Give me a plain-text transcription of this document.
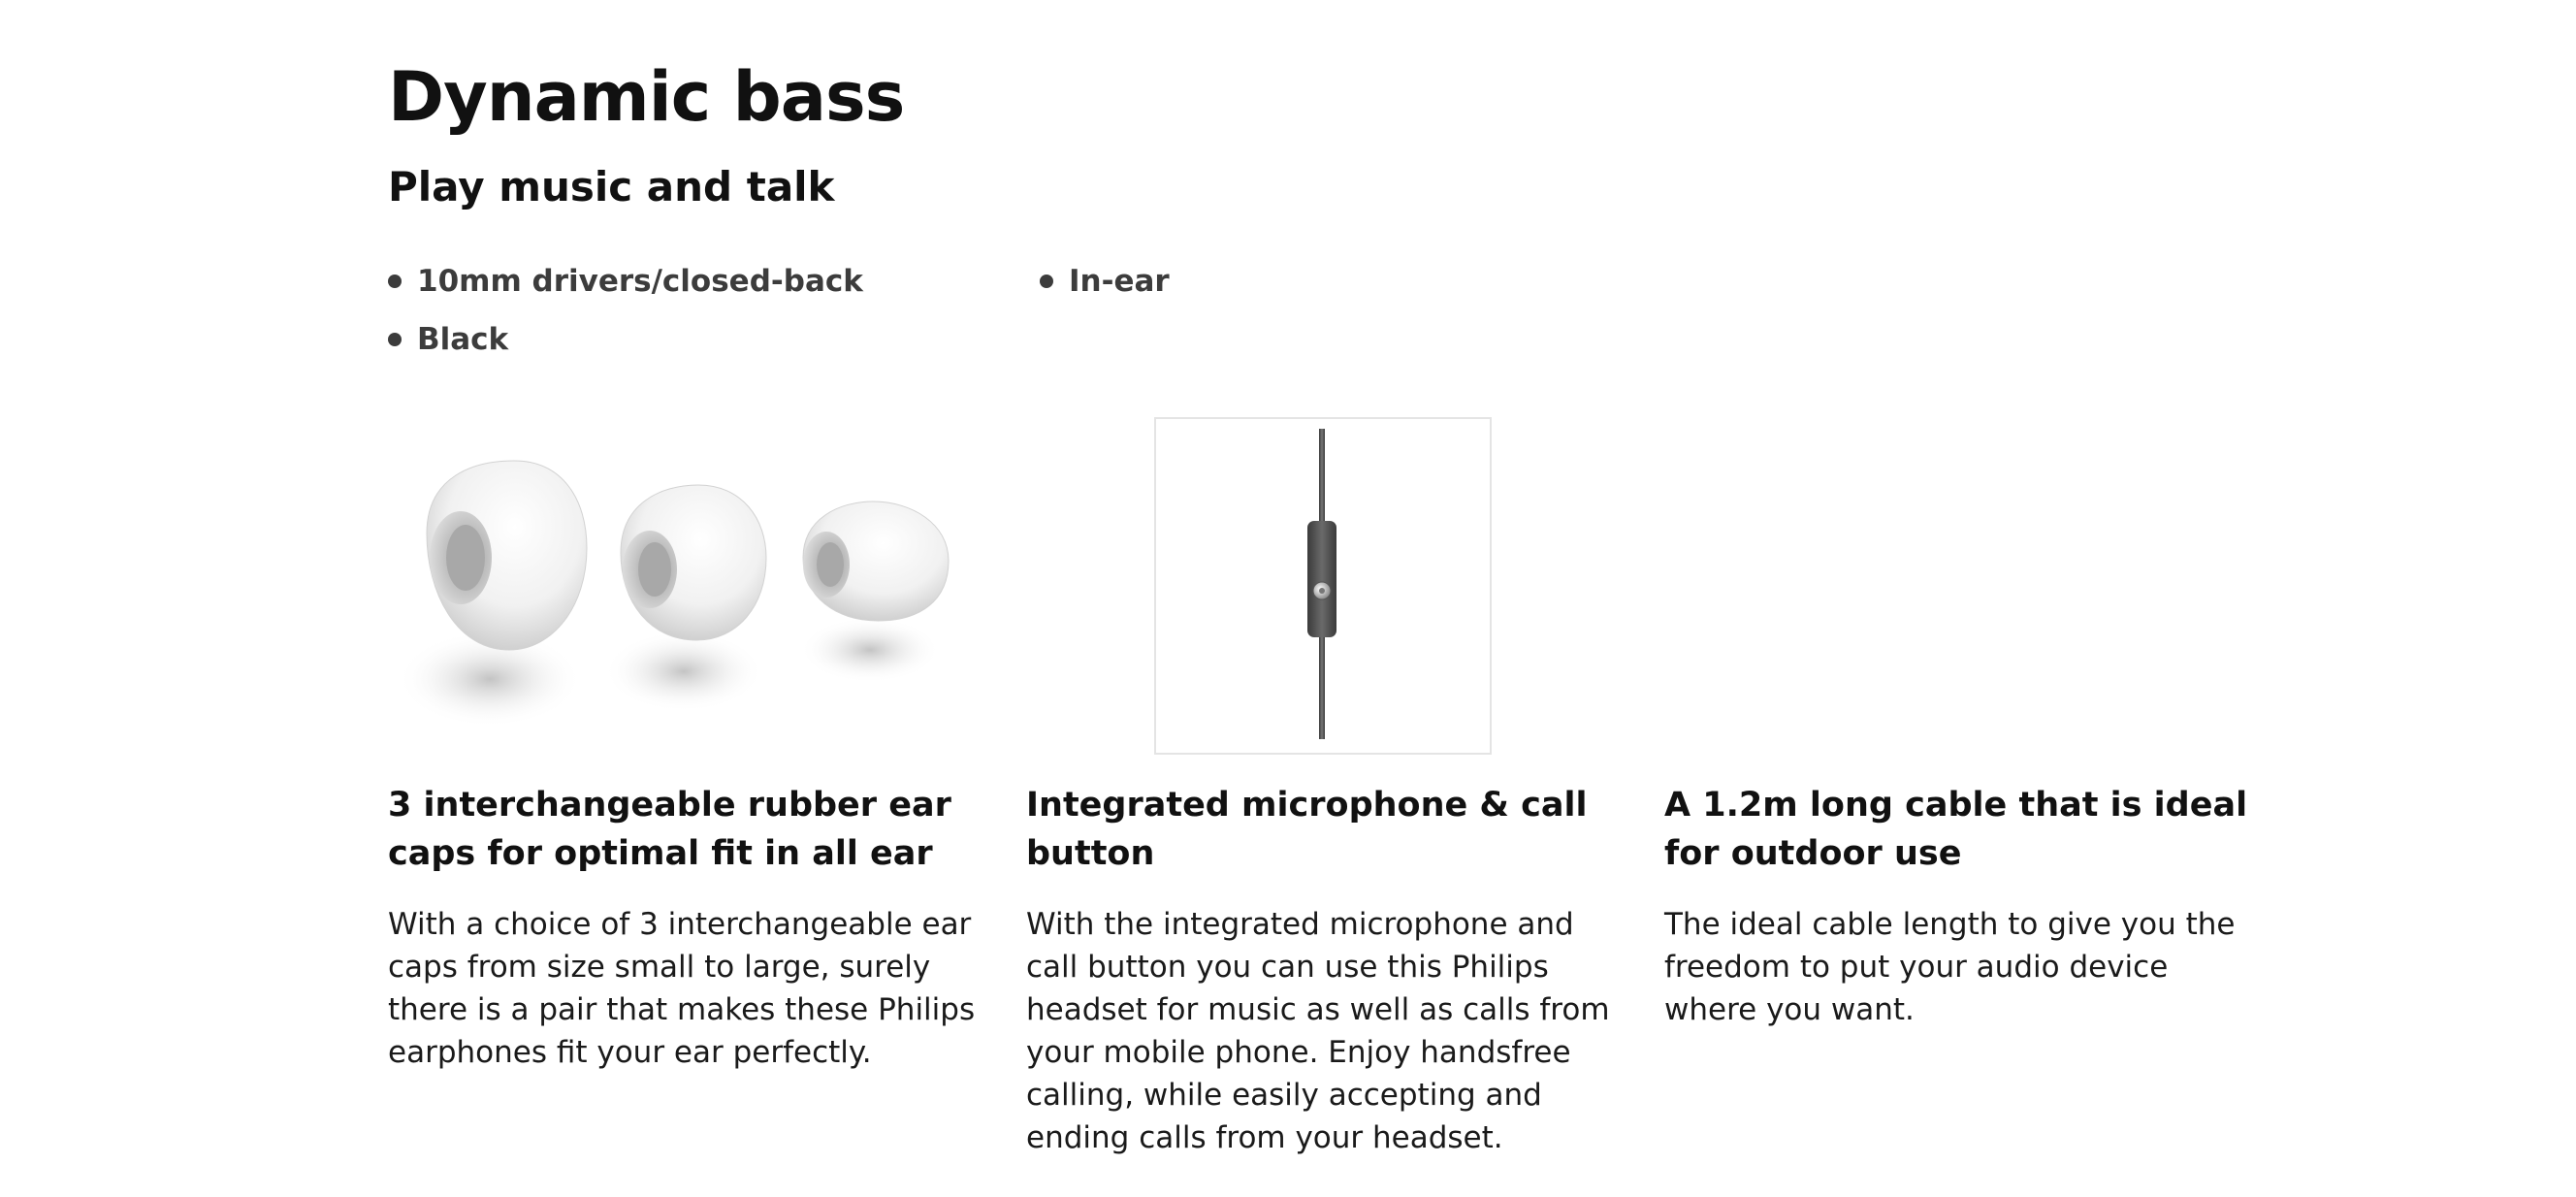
Dynamic bass
Play music and talk
10mm drivers/closed-back	In-ear
Black
3 interchangeable rubber ear caps for optimal fit in all ear

With a choice of 3 interchangeable ear caps from size small to large, surely there is a pair that makes these Philips earphones fit your ear perfectly.

Integrated microphone & call button

With the integrated microphone and call button you can use this Philips headset for music as well as calls from your mobile phone. Enjoy handsfree calling, while easily accepting and ending calls from your headset.

A 1.2m long cable that is ideal for outdoor use

The ideal cable length to give you the freedom to put your audio device where you want.
